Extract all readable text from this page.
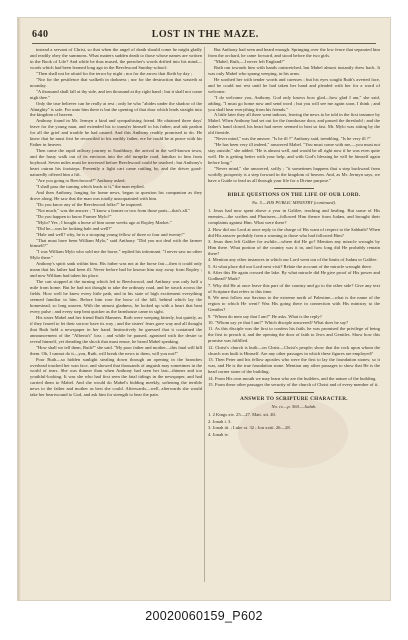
640	LOST IN THE MAZE.

instead a servant of Christ, so that when the angel of death should come he might gladly and readily obey the summons. What matters sudden death to those whose names are written in the Book of Life? And while he thus mused, the preacher's words drifted into his mind—words which had been learned long ago in the Beechwood Sunday-school:

"Then shall not be afraid for the terror by night ; nor for the arrow that flieth by day ;

"Nor for the pestilence that walketh in darkness ; nor for the destruction that wasteth at noonday.

"A thousand shall fall at thy side, and ten thousand at thy right hand ; but it shall not come nigh thee."

Only the true believer can be really at rest ; only he who "abides under the shadow of the Almighty" is safe. For unto him there is but the opening of that door which leads straight into the kingdom of heaven.

Anthony found in Mr. Jermyn a kind and sympathising friend. He obtained three days' leave for the young man, and extended his to transfer himself to his father, and ask pardon for all the grief and trouble he had caused. And this Anthony readily promised to do. He knew that he must first be reconciled to his earthly father, ere he could be at peace with his Father in heaven.

Then came the rapid railway journey to Southbury, the arrival in the well-known town, and the hasty walk out of its environs into the old turnpike road, familiar to him from boyhood. Seven miles must be traversed before Beechwood could be reached ; but Anthony's heart outran his footsteps. Presently a light cart came rattling by, and the driver good-naturedly offered him a lift.

"Are you going to Beechwood?" Anthony asked.

"I shall pass the turning which leads to it," the man replied.

And then Anthony, longing for home news, began to question his companion as they drove along. He saw that the man was totally unacquainted with him.

"Do you know any of the Beechwood folks?" he inquired.

"Not much," was the answer ; "I know a farmer or two from those parts—that's all."

"Do you happen to know Farmer Mylo?"

"Mylo? Yes ; I bought a horse of him some weeks ago at Ropley Market."

"Did he—was he looking hale and well?"

"Hale and well? why, he is a stooping young fellow of three or four and twenty!"

"That must have been William Mylo," said Anthony. "Did you not deal with the farmer himself?"

"I was William Mylo who sold me the horse," replied his informant. "I never saw no other Mylo there."

Anthony's spirit sank within him. His father was not at the horse fair—then it could only mean that his father had been ill. Never before had he known him stay away from Ropley ; and now William had taken his place.

The cart stopped at the turning which led to Beechwood, and Anthony was only half a mile from home. But he had not thought to take the ordinary road, and he struck across the fields. How well he knew every little path, and in his state of high excitement everything seemed familiar to him. Before him rose the brow of the hill, behind which lay the homestead, so long unseen. With the utmost gladness, he looked up with a heart that beat every pulse ; and every step beat quicker as the farmhouse came in sight.

His sister Mabel and her friend Ruth Manners. Both were weeping bitterly, but quietly, as if they feared to let their sorrow have its way ; and the sisters' fears gave way and all thought that Ruth held a newspaper in her hand. Instinctively he guessed that it contained the announcement of the "Alberta's" loss ; and while he paused, agonised with the desire to reveal himself, yet dreading the shock that must ensue, he heard Mabel speaking.

"How shall we tell them, Ruth?" she said. "My poor father and mother—this fatal will kill them. Oh, I cannot do it—you, Ruth, will break the news to them, will you not?"

Poor Ruth—so hidden sunlight stealing down through an opening in the branches overhead touched her wan face, and showed that thousands of anguish may sometimes in the world of tears. She was thinner than when Anthony had seen her last—thinner and too youthful-looking. It was she who had first seen the fatal tidings in the newspaper, and had carried them to Mabel. And she would do Mabel's bidding meekly, softening the terrible news to the father and mother as best she could. Afterwards—well, afterwards she would take her heartwound to God, and ask him for strength to bear the pain.

But Anthony had seen and heard enough. Springing over the low fence that separated him from the orchard, he came forward, and stood before the two girls.

"Mabel, Ruth,—I never left England!"

Ruth ran towards him with hands outstretched, but Mabel almost instantly drew back. It was only Mabel who sprang weeping, in his arms.

He soothed her with tender words and caresses ; but his eyes sought Ruth's averted face, and he could not rest until he had taken her hand and pleaded with her for a word of welcome.

"I do welcome you, Anthony. God only knows how glad—how glad I am," she said, adding, "I must go home now and send word ; but you will see me again soon, I think ; and you shall hear everything from his friends."

A little later they all three went indoors, leaving the news to be told in the first instance by Mabel. When Anthony had set out for the farmhouse door, and passed the threshold ; and the father's hand closed, his heart had never seemed to beat so fast. Mr. Mylo was sitting by the old fireside.

"Never mind," was the answer. "Is he ill ?" Anthony said, trembling. "Is he very ill ?"

"He has been very ill indeed," answered Mabel. "You must come with me,—you must not stay outside," she added. "He is almost well, and would be all right now if he was even quite well. He is getting better with your help, and with God's blessing he will be himself again before long."

"Never mind," she answered, softly ; "it sometimes happens that a step backward from worldly prosperity is a step forward in the kingdom of heaven. And, as Mr. Jermyn says, we have a Guide to lead us all through your life for a Divine purpose."

BIBLE QUESTIONS ON THE LIFE OF OUR LORD.
No. 5.—HIS PUBLIC MINISTRY (continued).
1. Jesus had now spent above a year in Galilee, teaching and healing. But some of His enemies—the scribes and Pharisees—followed Him thence from Judæa, and brought their complaints against Him. What were these?
2. How did our Lord at once reply to the charge of His want of respect to the Sabbath? When did His answer probably form a warning to those who had followed Him?
3. Jesus then left Galilee for awhile—where did He go? Mention any miracle wrought by Him there. What portion of the country was it in, and how long did He probably remain there?
4. Mention any other instances in which our Lord went out of the limits of Judæa or Galilee.
5. At what place did our Lord next visit? Relate the account of the miracle wrought there.
6. After this He again crossed the lake. By what miracle did He give proof of His power and Godhead? Mark?
7. Why did He at once leave this part of the country and go to the other side? Give any text of Scripture that refers to this time.
8. We next follow our Saviour to the extreme north of Palestine—what is the name of the region to which He went? Was His going there in connection with His ministry to the Gentiles?
9. "Whom do men say that I am?" He asks. What is the reply?
10. "Whom say ye that I am?" Which disciple answered? What does he say?
11. As this disciple was the first to confess his faith, he was promised the privilege of being the first to preach it, and the opening the door of faith to Jews and Gentiles. Show how this promise was fulfilled.
12. Christ's church is built—on Christ—Christ's people; show that the rock upon whom the church was built is Himself. Are any other passages in which these figures are employed?
13. Then Peter and his fellow apostles who were the first to lay the foundation stones; so it was, and He is the true foundation stone. Mention any other passages to show that He is the head corner stone of the building.
14. From His own mouth we may learn who are the builders, and the nature of the building.
15. From these other passages the security of the church of Christ and of every member of it.
ANSWER TO SCRIPTURE CHARACTER.
No. iv.—p. 560.—Judah.
1. 2 Kings xiv. 25—27. Matt. xii. 40.
2. Jonah i. 3.
3. Jonah iii. ; Luke xi. 32 ; Jon xxiii. 26—28.
4. Jonah iv.
20020060159_P602
